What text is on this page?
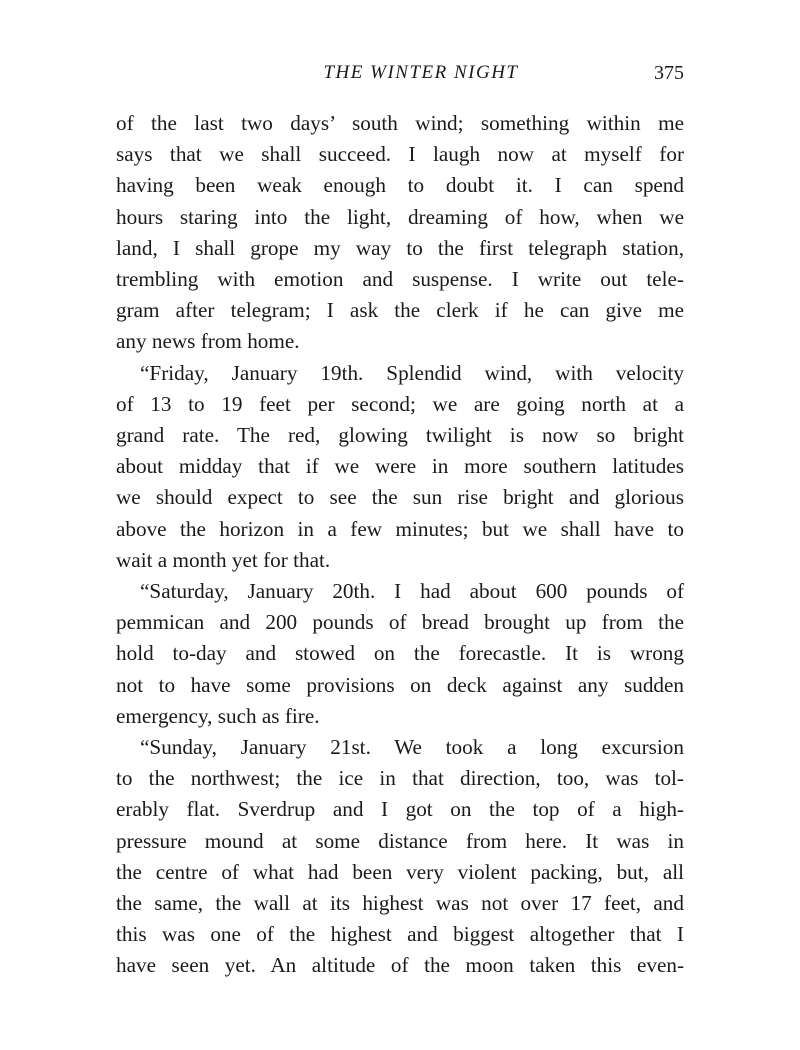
THE WINTER NIGHT	375

of the last two days’ south wind; something within me
says that we shall succeed. I laugh now at myself for
having been weak enough to doubt it. I can spend
hours staring into the light, dreaming of how, when we
land, I shall grope my way to the first telegraph station,
trembling with emotion and suspense. I write out tele-
gram after telegram; I ask the clerk if he can give me
any news from home.

“Friday, January 19th. Splendid wind, with velocity
of 13 to 19 feet per second; we are going north at a
grand rate. The red, glowing twilight is now so bright
about midday that if we were in more southern latitudes
we should expect to see the sun rise bright and glorious
above the horizon in a few minutes; but we shall have to
wait a month yet for that.

“Saturday, January 20th. I had about 600 pounds of
pemmican and 200 pounds of bread brought up from the
hold to-day and stowed on the forecastle. It is wrong
not to have some provisions on deck against any sudden
emergency, such as fire.

“Sunday, January 21st. We took a long excursion
to the northwest; the ice in that direction, too, was tol-
erably flat. Sverdrup and I got on the top of a high-
pressure mound at some distance from here. It was in
the centre of what had been very violent packing, but, all
the same, the wall at its highest was not over 17 feet, and
this was one of the highest and biggest altogether that I
have seen yet. An altitude of the moon taken this even-
